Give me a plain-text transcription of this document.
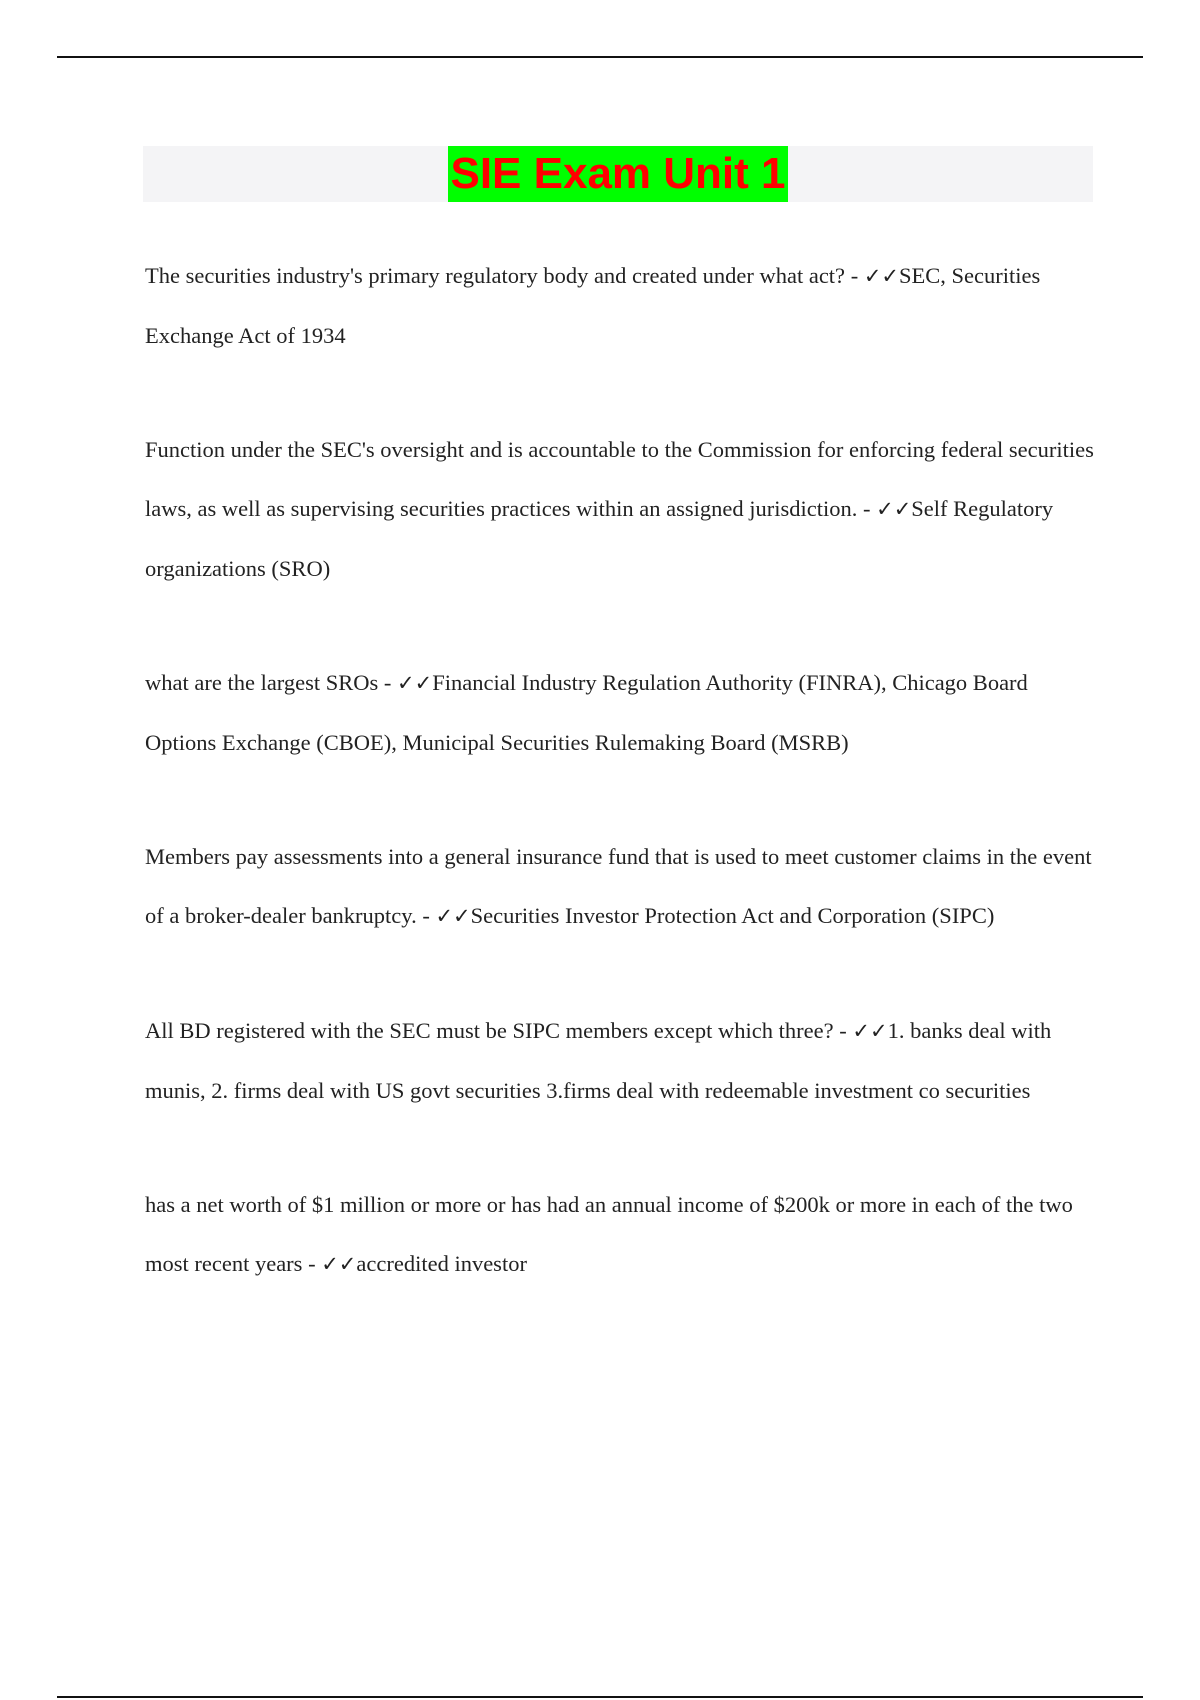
SIE Exam Unit 1

The securities industry's primary regulatory body and created under what act? - ✓✓SEC, Securities Exchange Act of 1934

Function under the SEC's oversight and is accountable to the Commission for enforcing federal securities laws, as well as supervising securities practices within an assigned jurisdiction. - ✓✓Self Regulatory organizations (SRO)

what are the largest SROs - ✓✓Financial Industry Regulation Authority (FINRA), Chicago Board Options Exchange (CBOE), Municipal Securities Rulemaking Board (MSRB)

Members pay assessments into a general insurance fund that is used to meet customer claims in the event of a broker-dealer bankruptcy. - ✓✓Securities Investor Protection Act and Corporation (SIPC)

All BD registered with the SEC must be SIPC members except which three? - ✓✓1. banks deal with munis, 2. firms deal with US govt securities 3.firms deal with redeemable investment co securities

has a net worth of $1 million or more or has had an annual income of $200k or more in each of the two most recent years - ✓✓accredited investor
